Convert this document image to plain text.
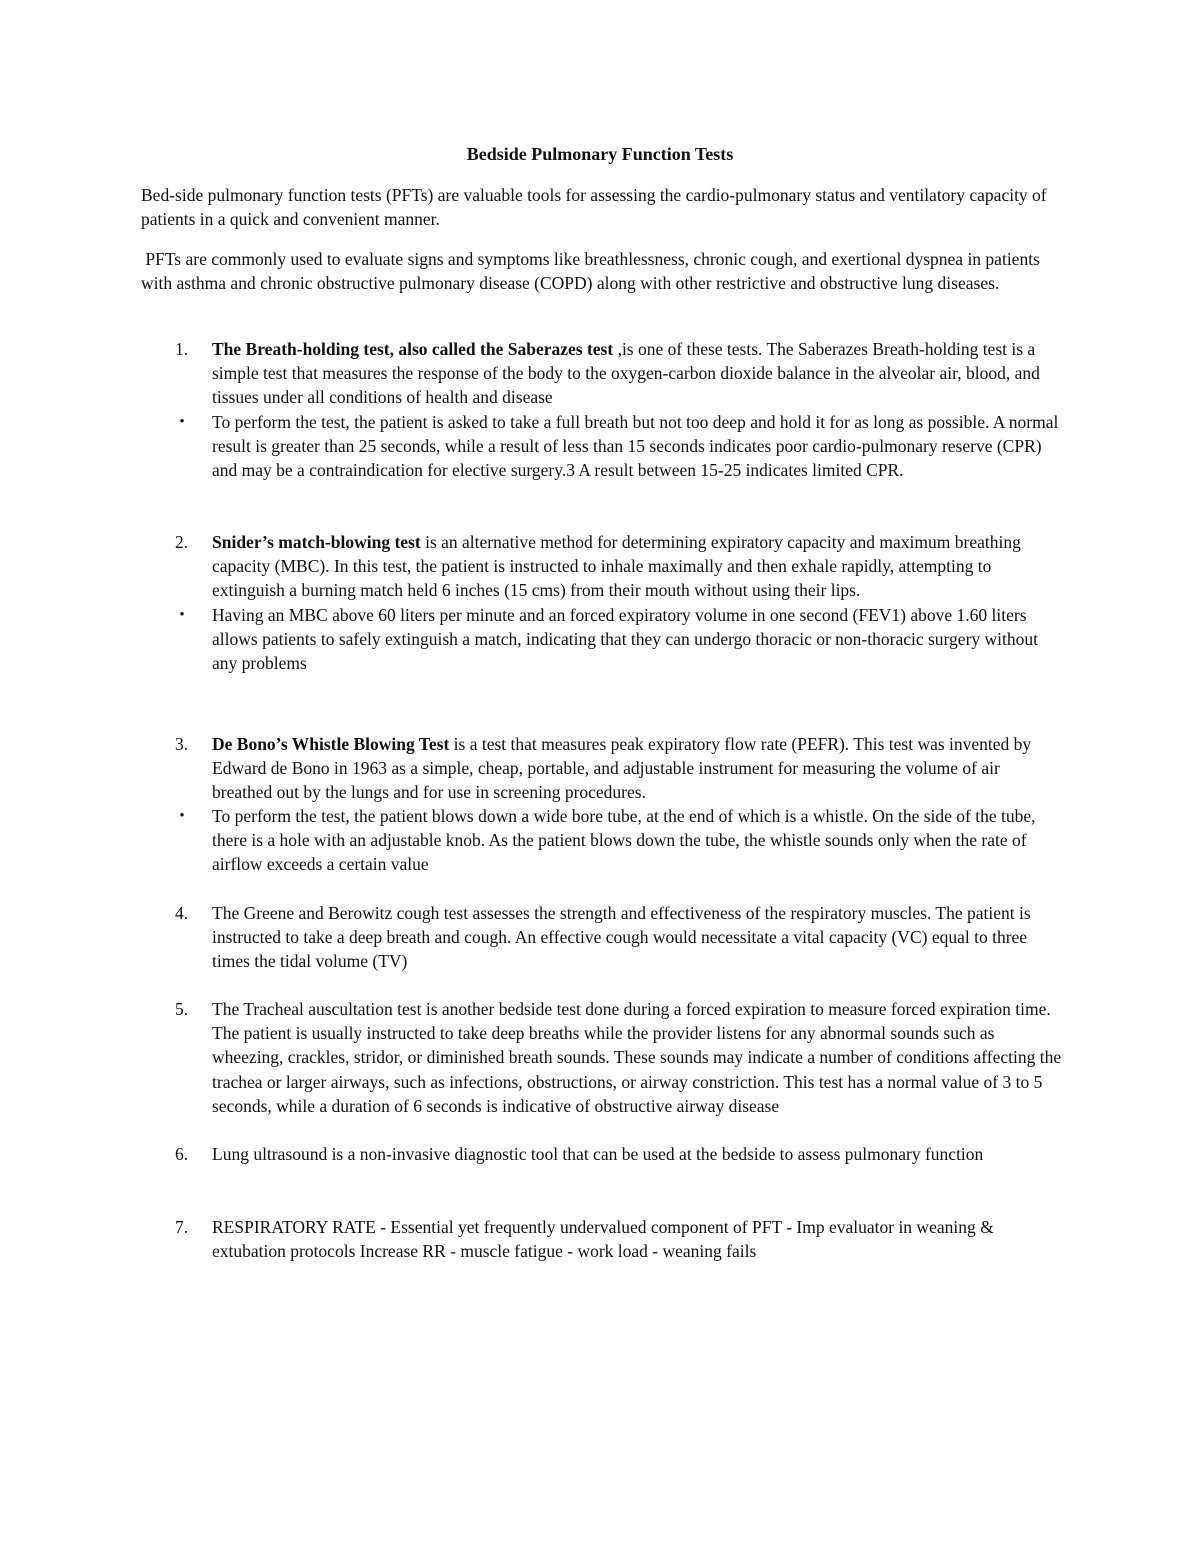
Bedside Pulmonary Function Tests

Bed-side pulmonary function tests (PFTs) are valuable tools for assessing the cardio-pulmonary status and ventilatory capacity of patients in a quick and convenient manner.

PFTs are commonly used to evaluate signs and symptoms like breathlessness, chronic cough, and exertional dyspnea in patients with asthma and chronic obstructive pulmonary disease (COPD) along with other restrictive and obstructive lung diseases.

1.	The Breath-holding test, also called the Saberazes test ,is one of these tests. The Saberazes Breath-holding test is a simple test that measures the response of the body to the oxygen-carbon dioxide balance in the alveolar air, blood, and tissues under all conditions of health and disease

• To perform the test, the patient is asked to take a full breath but not too deep and hold it for as long as possible. A normal result is greater than 25 seconds, while a result of less than 15 seconds indicates poor cardio-pulmonary reserve (CPR) and may be a contraindication for elective surgery.3 A result between 15-25 indicates limited CPR.

2.	Snider’s match-blowing test is an alternative method for determining expiratory capacity and maximum breathing capacity (MBC). In this test, the patient is instructed to inhale maximally and then exhale rapidly, attempting to extinguish a burning match held 6 inches (15 cms) from their mouth without using their lips.

• Having an MBC above 60 liters per minute and an forced expiratory volume in one second (FEV1) above 1.60 liters allows patients to safely extinguish a match, indicating that they can undergo thoracic or non-thoracic surgery without any problems

3.	De Bono’s Whistle Blowing Test is a test that measures peak expiratory flow rate (PEFR). This test was invented by Edward de Bono in 1963 as a simple, cheap, portable, and adjustable instrument for measuring the volume of air breathed out by the lungs and for use in screening procedures.

• To perform the test, the patient blows down a wide bore tube, at the end of which is a whistle. On the side of the tube, there is a hole with an adjustable knob. As the patient blows down the tube, the whistle sounds only when the rate of airflow exceeds a certain value

4.	The Greene and Berowitz cough test assesses the strength and effectiveness of the respiratory muscles. The patient is instructed to take a deep breath and cough. An effective cough would necessitate a vital capacity (VC) equal to three times the tidal volume (TV)

5.	The Tracheal auscultation test is another bedside test done during a forced expiration to measure forced expiration time. The patient is usually instructed to take deep breaths while the provider listens for any abnormal sounds such as wheezing, crackles, stridor, or diminished breath sounds. These sounds may indicate a number of conditions affecting the trachea or larger airways, such as infections, obstructions, or airway constriction. This test has a normal value of 3 to 5 seconds, while a duration of 6 seconds is indicative of obstructive airway disease

6.	Lung ultrasound is a non-invasive diagnostic tool that can be used at the bedside to assess pulmonary function

7.	RESPIRATORY RATE - Essential yet frequently undervalued component of PFT - Imp evaluator in weaning & extubation protocols Increase RR - muscle fatigue - work load - weaning fails
